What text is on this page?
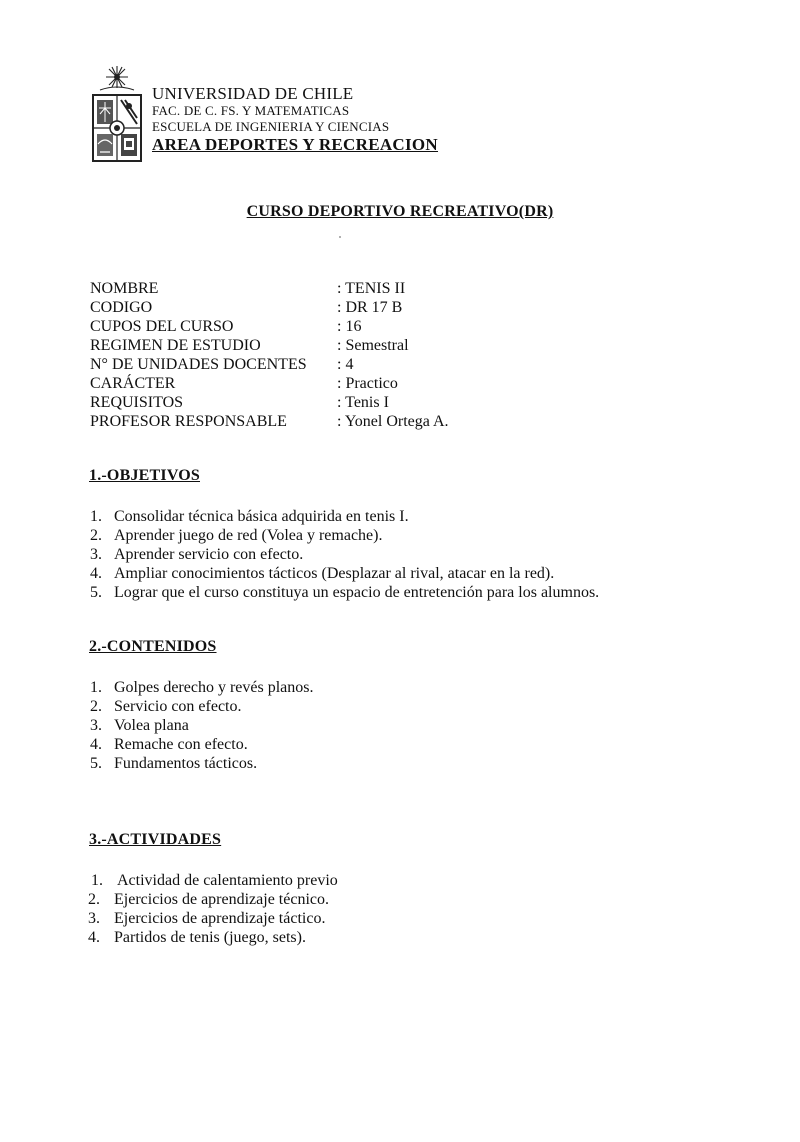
UNIVERSIDAD DE CHILE
FAC. DE C. FS. Y MATEMATICAS
ESCUELA DE INGENIERIA Y CIENCIAS
AREA DEPORTES Y RECREACION
CURSO DEPORTIVO RECREATIVO(DR)
NOMBRE	: TENIS II
CODIGO	: DR 17 B
CUPOS DEL CURSO	: 16
REGIMEN DE ESTUDIO	: Semestral
N° DE UNIDADES DOCENTES	: 4
CARÁCTER	: Practico
REQUISITOS	: Tenis I
PROFESOR RESPONSABLE	: Yonel Ortega A.
1.-OBJETIVOS
1. Consolidar técnica básica adquirida en tenis I.
2. Aprender juego de red (Volea y remache).
3. Aprender servicio con efecto.
4. Ampliar conocimientos tácticos (Desplazar al rival, atacar en la red).
5. Lograr que el curso constituya un espacio de entretención para los alumnos.
2.-CONTENIDOS
1. Golpes derecho y revés planos.
2. Servicio con efecto.
3. Volea plana
4. Remache con efecto.
5. Fundamentos tácticos.
3.-ACTIVIDADES
1. Actividad de calentamiento previo
2. Ejercicios de aprendizaje técnico.
3. Ejercicios de aprendizaje táctico.
4. Partidos de tenis (juego, sets).
